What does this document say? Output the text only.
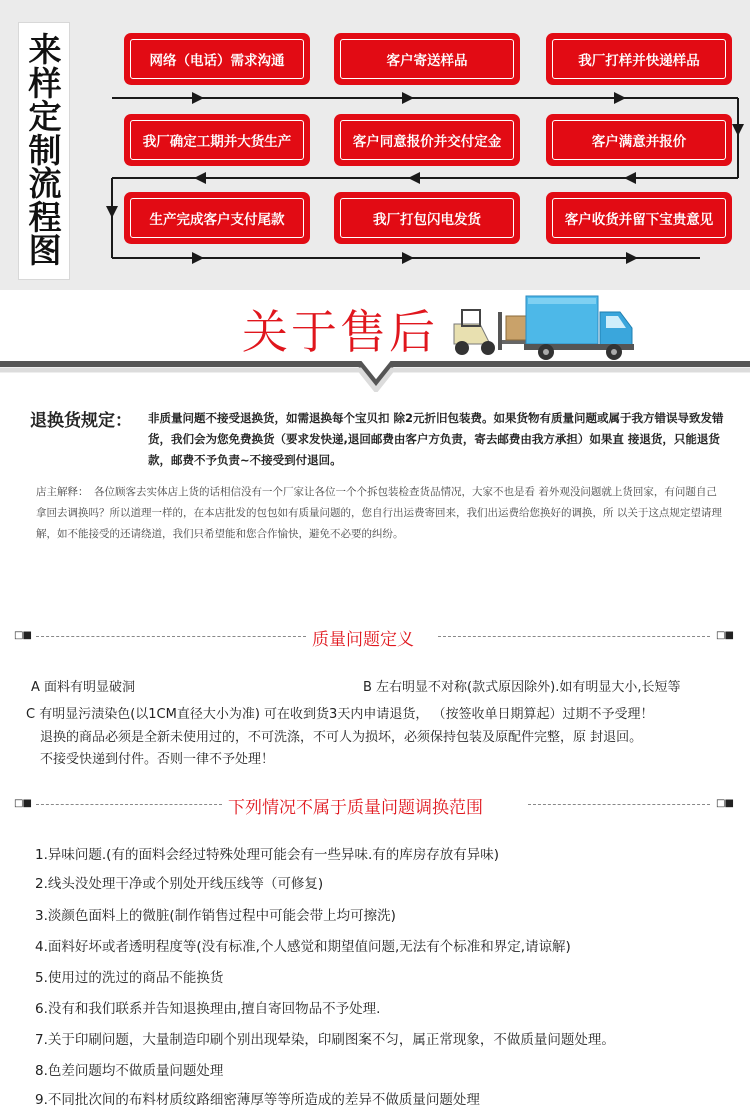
来样定制流程图
网络（电话）需求沟通	客户寄送样品	我厂打样并快递样品
我厂确定工期并大货生产	客户同意报价并交付定金	客户满意并报价
生产完成客户支付尾款	我厂打包闪电发货	客户收货并留下宝贵意见
关于售后
退换货规定： 非质量问题不接受退换货，如需退换每个宝贝扣 除2元折旧包装费。如果货物有质量问题或属于我方错误导致发错货，我们会为您免费换货（要求发快递,退回邮费由客户方负责，寄去邮费由我方承担）如果直 接退货，只能退货款，邮费不予负责~不接受到付退回。
各位顾客去实体店上货的话相信没有一个厂家让各位一个个拆包装检查货品情况，大家不也是看 着外观没问题就上货回家，有问题自己拿回去调换吗？所以道理一样的，在本店批发的包包如有质量问题的，您自行出运费寄回来，我们出运费给您换好的调换，所 以关于这点规定望请理解，如不能接受的还请绕道，我们只希望能和您合作愉快，避免不必要的纠纷。
店主解释：
□■	质量问题定义	□■
A 面料有明显破洞	B 左右明显不对称(款式原因除外).如有明显大小,长短等
C 有明显污渍染色(以1CM直径大小为准) 可在收到货3天内申请退货， （按签收单日期算起）过期不予受理！
退换的商品必须是全新未使用过的，不可洗涤，不可人为损坏，必须保持包装及原配件完整，原 封退回。
不接受快递到付件。否则一律不予处理！
□■	下列情况不属于质量问题调换范围	□■
1.异味问题.(有的面料会经过特殊处理可能会有一些异味.有的库房存放有异味)
2.线头没处理干净或个别处开线压线等（可修复)
3.淡颜色面料上的微脏(制作销售过程中可能会带上均可擦洗)
4.面料好坏或者透明程度等(没有标准,个人感觉和期望值问题,无法有个标准和界定,请谅解)
5.使用过的洗过的商品不能换货
6.没有和我们联系并告知退换理由,擅自寄回物品不予处理.
7.关于印刷问题，大量制造印刷个别出现晕染，印刷图案不匀，属正常现象，不做质量问题处理。
8.色差问题均不做质量问题处理
9.不同批次间的布料材质纹路细密薄厚等等所造成的差异不做质量问题处理
